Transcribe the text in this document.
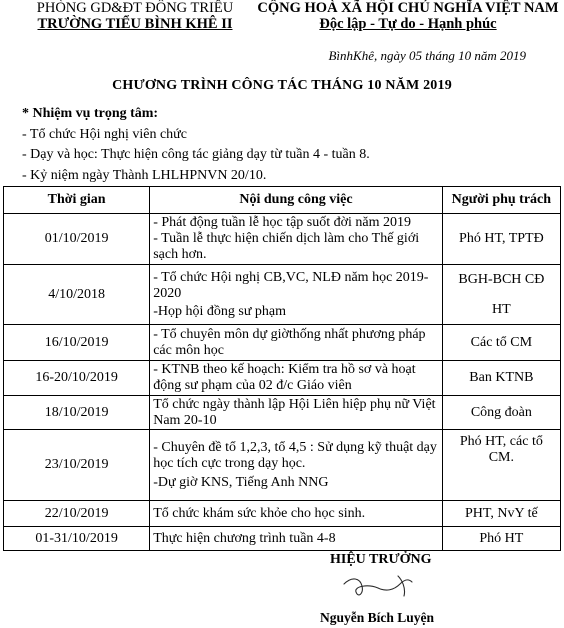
PHÒNG GD&ĐT ĐÔNG TRIỀU
TRƯỜNG TIỂU BÌNH KHÊ II
CỘNG HOÀ XÃ HỘI CHỦ NGHĨA VIỆT NAM
Độc lập - Tự do - Hạnh phúc
BìnhKhê, ngày 05 tháng 10 năm 2019
CHƯƠNG TRÌNH CÔNG TÁC THÁNG 10 NĂM 2019
* Nhiệm vụ trọng tâm:
- Tổ chức Hội nghị viên chức
- Dạy và học: Thực hiện công tác giảng dạy từ tuần 4 - tuần 8.
- Kỷ niệm ngày Thành LHLHPNVN 20/10.
Thời gian	Nội dung công việc	Người phụ trách
01/10/2019	- Phát động tuần lễ học tập suốt đời năm 2019
- Tuần lễ thực hiện chiến dịch làm cho Thế giới sạch hơn.	Phó HT, TPTĐ

4/10/2018	- Tổ chức Hội nghị CB,VC, NLĐ năm học 2019-2020
-Họp hội đồng sư phạm	BGH-BCH CĐ
HT

16/10/2019	- Tổ chuyên môn dự giờthống nhất phương pháp các môn học	Các tổ CM

16-20/10/2019	- KTNB theo kế hoạch: Kiểm tra hồ sơ và hoạt động sư phạm của 02 đ/c Giáo viên	Ban KTNB

18/10/2019	Tổ chức ngày thành lập Hội Liên hiệp phụ nữ Việt Nam 20-10	Công đoàn

23/10/2019	- Chuyên đề tổ 1,2,3, tổ 4,5 : Sử dụng kỹ thuật dạy học tích cực trong dạy học.
-Dự giờ KNS, Tiếng Anh NNG	Phó HT, các tổ CM.

22/10/2019	Tổ chức khám sức khỏe cho học sinh.	PHT, NvY tế

01-31/10/2019	Thực hiện chương trình tuần 4-8	Phó HT
HIỆU TRƯỞNG
Nguyễn Bích Luyện
